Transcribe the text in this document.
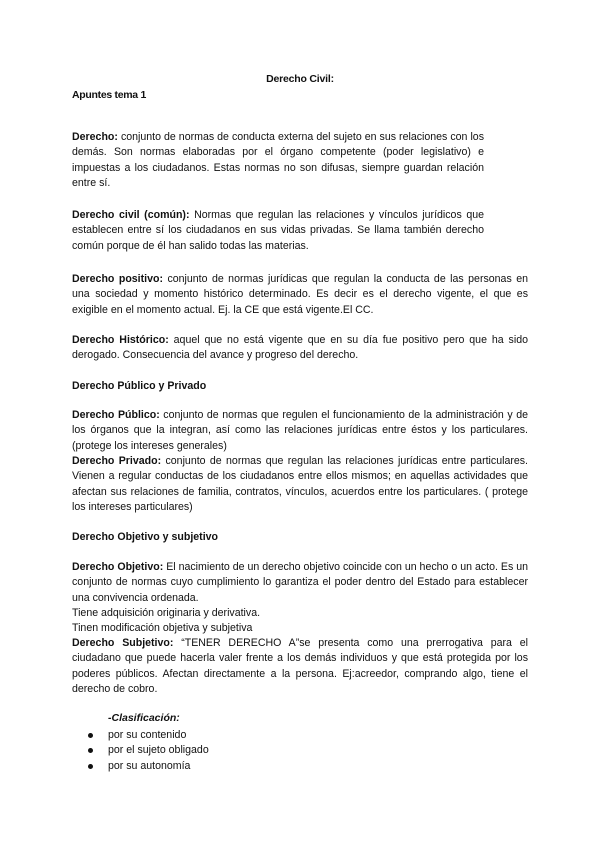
Derecho Civil:
Apuntes tema 1

Derecho: conjunto de normas de conducta externa del sujeto en sus relaciones con los demás. Son normas elaboradas por el órgano competente (poder legislativo) e impuestas a los ciudadanos. Estas normas no son difusas, siempre guardan relación entre sí.

Derecho civil (común): Normas que regulan las relaciones y vínculos jurídicos que establecen entre sí los ciudadanos en sus vidas privadas. Se llama también derecho común porque de él han salido todas las materias.

Derecho positivo: conjunto de normas jurídicas que regulan la conducta de las personas en una sociedad y momento histórico determinado. Es decir es el derecho vigente, el que es exigible en el momento actual. Ej. la CE que está vigente.El CC.

Derecho Histórico: aquel que no está vigente que en su día fue positivo pero que ha sido derogado. Consecuencia del avance y progreso del derecho.

Derecho Público y Privado

Derecho Público: conjunto de normas que regulen el funcionamiento de la administración y de los órganos que la integran, así como las relaciones jurídicas entre éstos y los particulares. (protege los intereses generales)

Derecho Privado: conjunto de normas que regulan las relaciones jurídicas entre particulares. Vienen a regular conductas de los ciudadanos entre ellos mismos; en aquellas actividades que afectan sus relaciones de familia, contratos, vínculos, acuerdos entre los particulares. ( protege los intereses particulares)

Derecho Objetivo y subjetivo

Derecho Objetivo: El nacimiento de un derecho objetivo coincide con un hecho o un acto. Es un conjunto de normas cuyo cumplimiento lo garantiza el poder dentro del Estado para establecer una convivencia ordenada.

Tiene adquisición originaria y derivativa.

Tinen modificación objetiva y subjetiva

Derecho Subjetivo: “TENER DERECHO A”se presenta como una prerrogativa para el ciudadano que puede hacerla valer frente a los demás individuos y que está protegida por los poderes públicos. Afectan directamente a la persona. Ej:acreedor, comprando algo, tiene el derecho de cobro.

-Clasificación:
por su contenido
por el sujeto obligado
por su autonomía
